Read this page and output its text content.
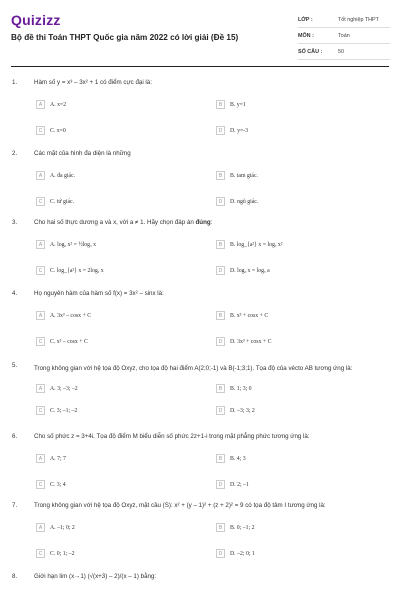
Quizizz
Bộ đề thi Toán THPT Quốc gia năm 2022 có lời giải (Đề 15)
LỚP :	Tốt nghiệp THPT
MÔN :	Toán
SỐ CÂU :	50
1.	Hàm số y = x³ – 3x² + 1 có điểm cực đại là:
A	A. x=2	B	B. y=1
C	C. x=0	D	D. y=-3
2.	Các mặt của hình đa diện là những
A	A. đa giác.	B	B. tam giác.
C	C. tứ giác.	D	D. ngũ giác.
3.	Cho hai số thực dương a và x, với a ≠ 1. Hãy chọn đáp án đúng:
A	A. logₐ x² = ½logₐ x	B	B. log_{a²} x = logₐ x²
C	C. log_{a²} x = 2logₐ x	D	D. logₐ x = logₓ a
4.	Họ nguyên hàm của hàm số f(x) = 3x² – sinx là:
A	A. 3x³ – cosx + C	B	B. x³ + cosx + C
C	C. x³ – cosx + C	D	D. 3x³ + cosx + C
5.	Trong không gian với hệ tọa độ Oxyz, cho tọa độ hai điểm A(2;0;-1) và B(-1;3;1). Tọa độ của vécto AB tương ứng là:
A	A. 3; –3; –2	B	B. 1; 3; 0
C	C. 3; –1; –2	D	D. –3; 3; 2
6.	Cho số phức z = 3+4i. Tọa độ điểm M biểu diễn số phức 2z+1-i trong mặt phẳng phức tương ứng là:
A	A. 7; 7	B	B. 4; 3
C	C. 3; 4	D	D. 2; –1
7.	Trong không gian với hệ tọa độ Oxyz, mặt cầu (S): x² + (y – 1)² + (z + 2)² = 9 có tọa độ tâm I tương ứng là:
A	A. –1; 0; 2	B	B. 0; –1; 2
C	C. 0; 1; –2	D	D. –2; 0; 1
8.	Giới hạn lim (x→1) (√(x+3) – 2)/(x – 1) bằng:
